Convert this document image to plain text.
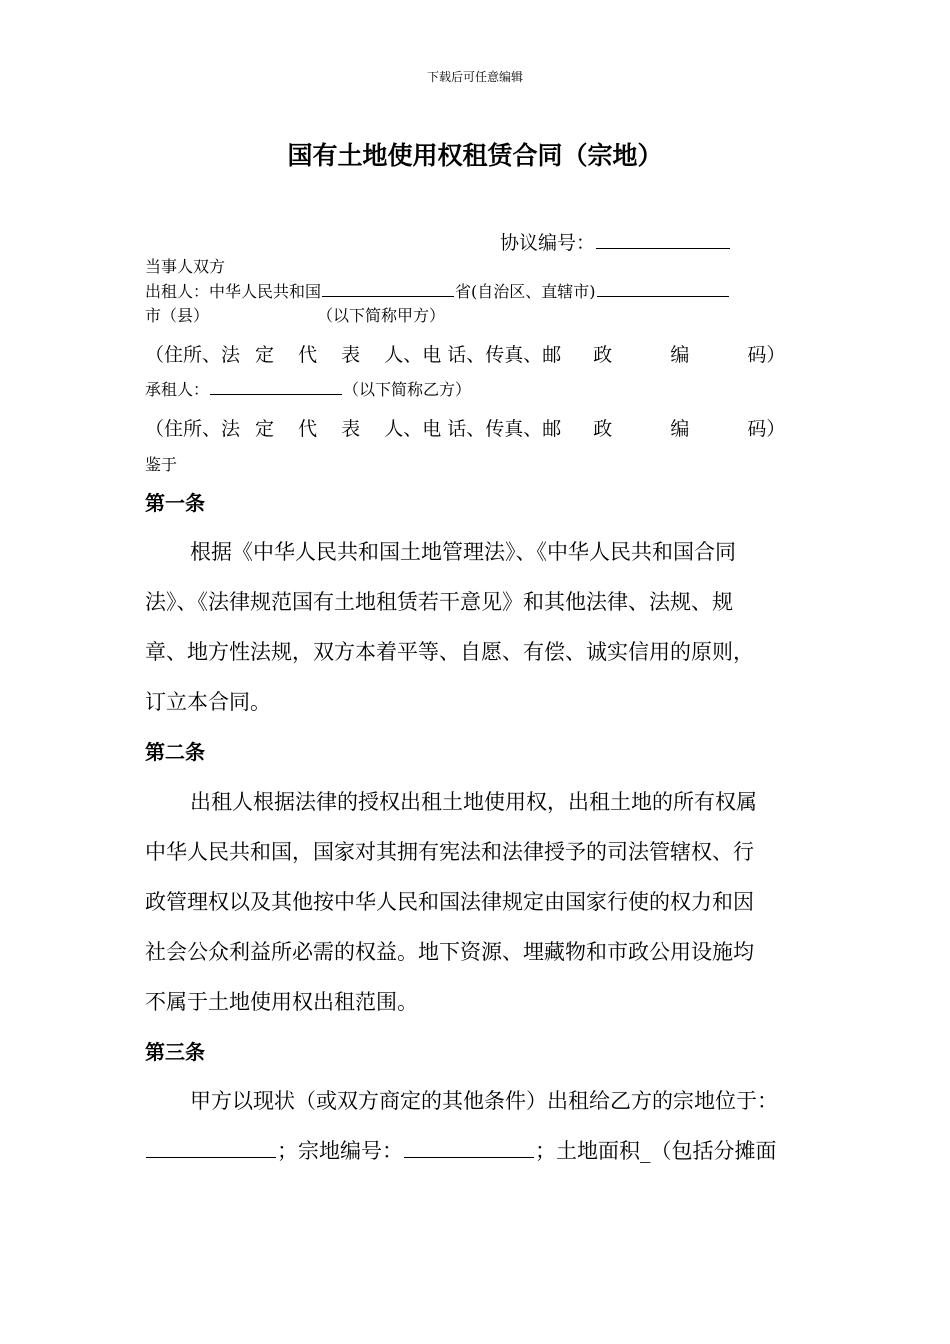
下载后可任意编辑
国有土地使用权租赁合同（宗地）
协议编号：
当事人双方
出租人：中华人民共和国	省(自治区、直辖市)
市（县）	（以下简称甲方）
（住所、法 定 代 表 人、电 话、传真、邮 政 编 码）
承租人：	（以下简称乙方）
（住所、法 定 代 表 人、电 话、传真、邮 政 编 码）
鉴于
第一条
根据《中华人民共和国土地管理法》、《中华人民共和国合同
法》、《法律规范国有土地租赁若干意见》和其他法律、法规、规
章、地方性法规，双方本着平等、自愿、有偿、诚实信用的原则，
订立本合同。
第二条
出租人根据法律的授权出租土地使用权，出租土地的所有权属
中华人民共和国，国家对其拥有宪法和法律授予的司法管辖权、行
政管理权以及其他按中华人民和国法律规定由国家行使的权力和因
社会公众利益所必需的权益。地下资源、埋藏物和市政公用设施均
不属于土地使用权出租范围。
第三条
甲方以现状（或双方商定的其他条件）出租给乙方的宗地位于：
；宗地编号：	；土地面积_（包括分摊面
